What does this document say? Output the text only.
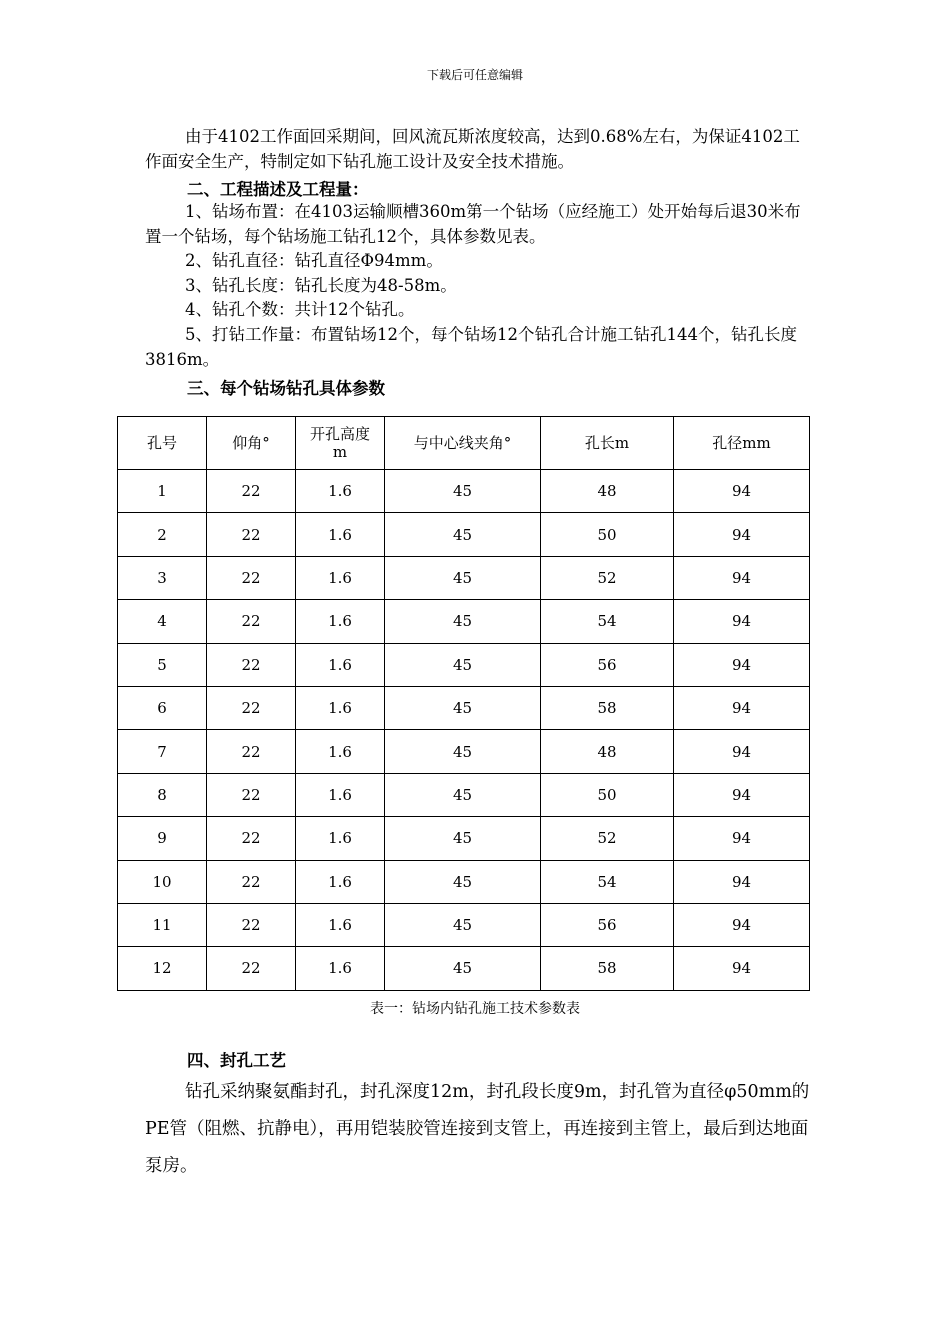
下载后可任意编辑

由于4102工作面回采期间，回风流瓦斯浓度较高，达到0.68%左右，为保证4102工作面安全生产，特制定如下钻孔施工设计及安全技术措施。

二、工程描述及工程量：

1、钻场布置：在4103运输顺槽360m第一个钻场（应经施工）处开始每后退30米布置一个钻场，每个钻场施工钻孔12个，具体参数见表。

2、钻孔直径：钻孔直径Φ94mm。

3、钻孔长度：钻孔长度为48-58m。

4、钻孔个数：共计12个钻孔。

5、打钻工作量：布置钻场12个，每个钻场12个钻孔合计施工钻孔144个，钻孔长度3816m。

三、每个钻场钻孔具体参数
孔号	仰角°	开孔高度m	与中心线夹角°	孔长m	孔径mm
1	22	1.6	45	48	94
2	22	1.6	45	50	94
3	22	1.6	45	52	94
4	22	1.6	45	54	94
5	22	1.6	45	56	94
6	22	1.6	45	58	94
7	22	1.6	45	48	94
8	22	1.6	45	50	94
9	22	1.6	45	52	94
10	22	1.6	45	54	94
11	22	1.6	45	56	94
12	22	1.6	45	58	94
表一：钻场内钻孔施工技术参数表
四、封孔工艺

钻孔采纳聚氨酯封孔，封孔深度12m，封孔段长度9m，封孔管为直径φ50mm的PE管（阻燃、抗静电），再用铠装胶管连接到支管上，再连接到主管上，最后到达地面泵房。
